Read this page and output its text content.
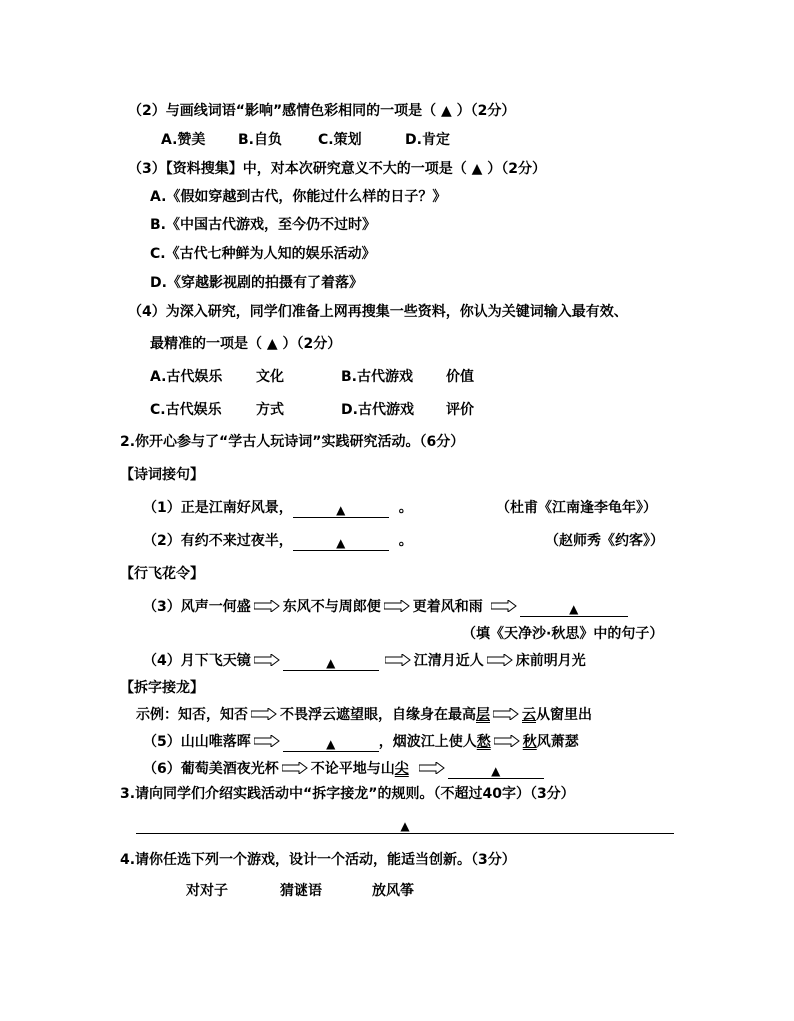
（2）与画线词语“影响”感情色彩相同的一项是（ ▲ ）（2分）
A.赞美 B.自负	C.策划	D.肯定
（3）【资料搜集】中，对本次研究意义不大的一项是（ ▲ ）（2分）
A.《假如穿越到古代，你能过什么样的日子？》
B.《中国古代游戏，至今仍不过时》
C.《古代七种鲜为人知的娱乐活动》
D.《穿越影视剧的拍摄有了着落》
（4）为深入研究，同学们准备上网再搜集一些资料，你认为关键词输入最有效、
最精准的一项是（ ▲ ）（2分）
A.古代娱乐 文化	B.古代游戏 价值
C.古代娱乐 方式	D.古代游戏 评价
2.你开心参与了“学古人玩诗词”实践研究活动。（6分）
【诗词接句】
（1）正是江南好风景，	▲	。	（杜甫《江南逢李龟年》）
（2）有约不来过夜半，	▲	。	（赵师秀《约客》）
【行飞花令】
（3）风声一何盛 东风不与周郎便 更着风和雨	▲
（填《天净沙·秋思》中的句子）
（4）月下飞天镜	▲	江清月近人 床前明月光
【拆字接龙】
示例：知否，知否 不畏浮云遮望眼，自缘身在最高层 云从窗里出
（5）山山唯落晖	▲	，烟波江上使人愁 秋风萧瑟
（6）葡萄美酒夜光杯 不论平地与山尖	▲
3.请向同学们介绍实践活动中“拆字接龙”的规则。（不超过40字）（3分）
▲
4.请你任选下列一个游戏，设计一个活动，能适当创新。（3分）
对对子	猜谜语	放风筝
